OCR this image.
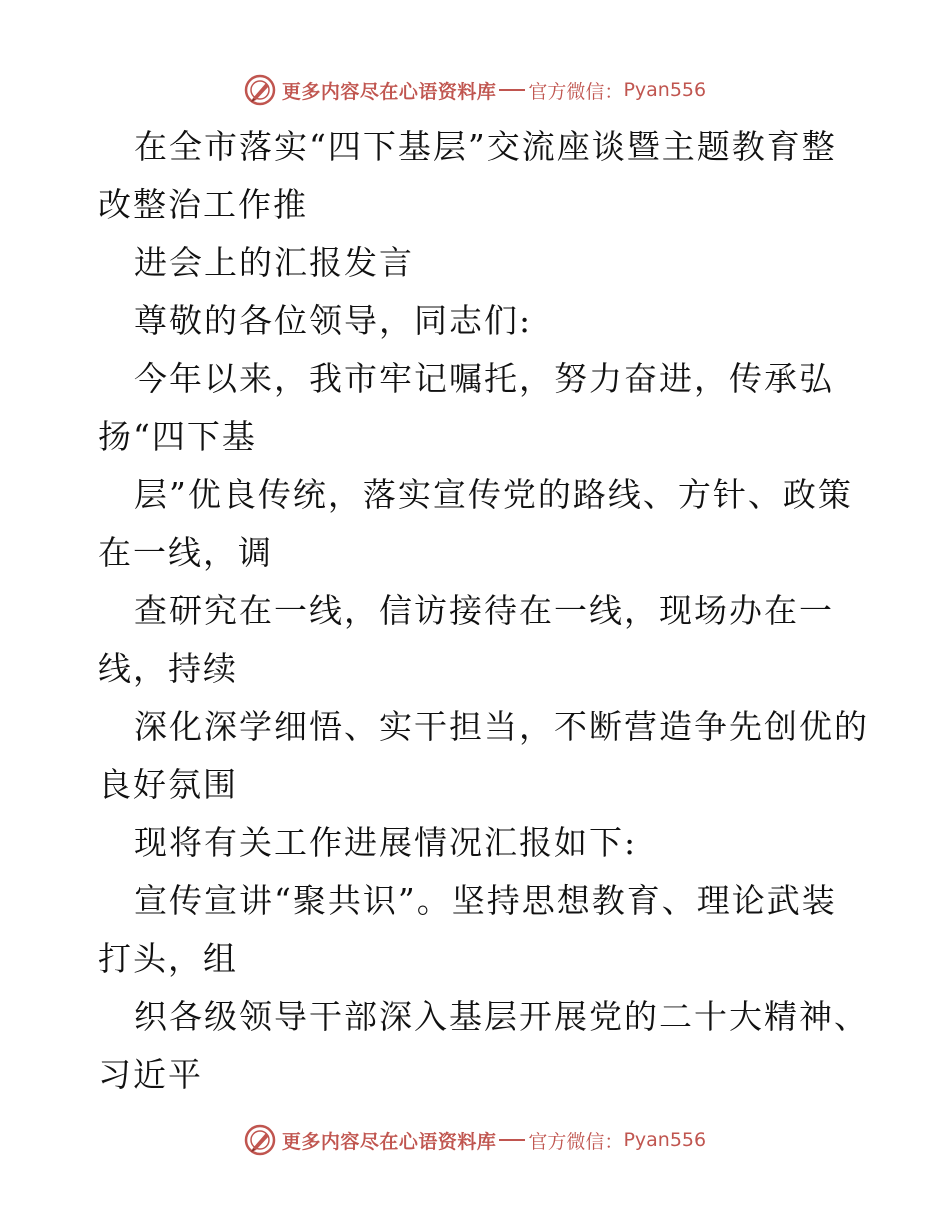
更多内容尽在心语资料库 官方微信： Pyan556
在全市落实“四下基层”交流座谈暨主题教育整
改整治工作推
进会上的汇报发言
尊敬的各位领导，同志们:
今年以来，我市牢记嘱托，努力奋进，传承弘
扬“四下基
层”优良传统，落实宣传党的路线、方针、政策
在一线，调
查研究在一线，信访接待在一线，现场办在一
线，持续
深化深学细悟、实干担当，不断营造争先创优的
良好氛围
现将有关工作进展情况汇报如下:
宣传宣讲“聚共识”。坚持思想教育、理论武装
打头，组
织各级领导干部深入基层开展党的二十大精神、
习近平
更多内容尽在心语资料库 官方微信： Pyan556
